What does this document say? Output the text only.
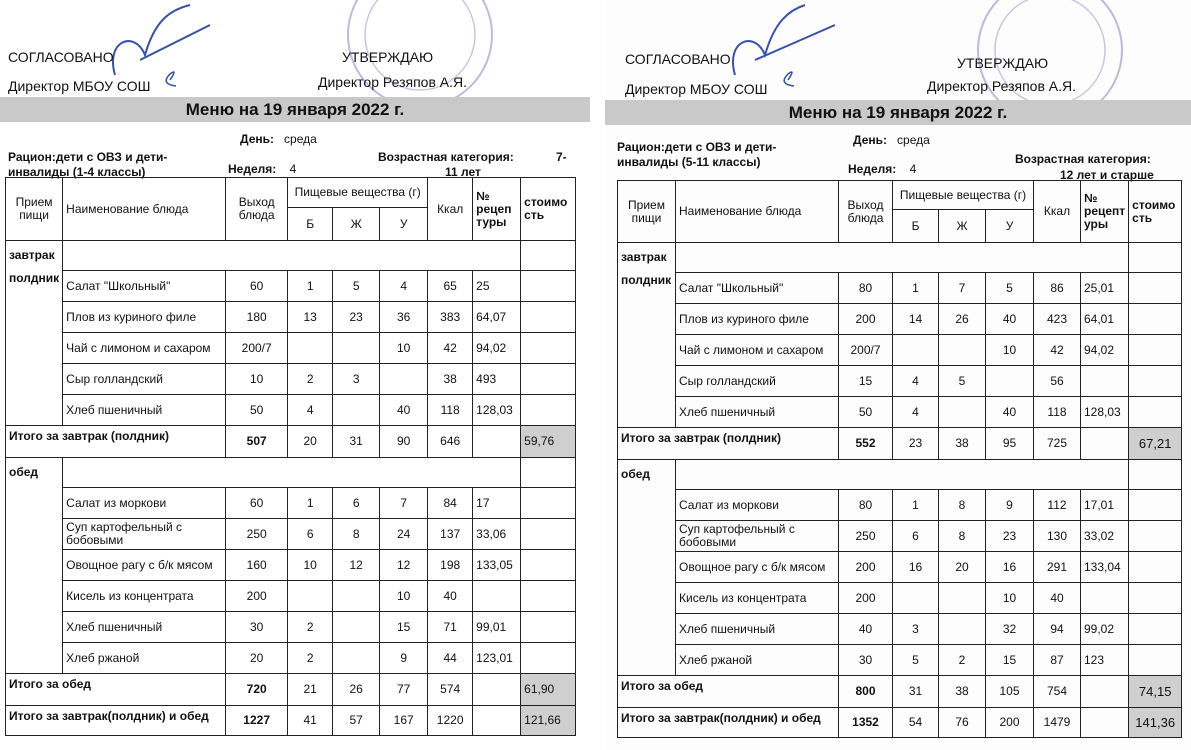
СОГЛАСОВАНО	УТВЕРЖДАЮ
Директор МБОУ СОШ	Директор Резяпов А.Я.
Меню на 19 января 2022 г.
День: среда
Рацион:дети с ОВЗ и дети-
инвалиды (1-4 классы)	Неделя: 4
Возрастная категория:	7-
11 лет
Прием пищи	Наименование блюда	Выход блюда	Пищевые вещества (г)			Ккал	№ рецеп туры	стоимость
			Б	Ж	У			
завтрак
полдник								

	Салат "Школьный"	60	1	5	4	65	25	
	Плов из куриного филе	180	13	23	36	383	64,07	
	Чай с лимоном и сахаром	200/7			10	42	94,02	
	Сыр голландский	10	2	3		38	493	
	Хлеб пшеничный	50	4		40	118	128,03	
Итого за завтрак (полдник)		507	20	31	90	646		59,76
обед								
	Салат из моркови	60	1	6	7	84	17	
	Суп картофельный с бобовыми	250	6	8	24	137	33,06	
	Овощное рагу с б/к мясом	160	10	12	12	198	133,05	
	Кисель из концентрата	200			10	40		
	Хлеб пшеничный	30	2		15	71	99,01	
	Хлеб ржаной	20	2		9	44	123,01	
Итого за обед		720	21	26	77	574		61,90
Итого за завтрак(полдник) и обед		1227	41	57	167	1220		121,66
СОГЛАСОВАНО	УТВЕРЖДАЮ
Директор МБОУ СОШ	Директор Резяпов А.Я.
Меню на 19 января 2022 г.
День: среда
Рацион:дети с ОВЗ и дети-
инвалиды (5-11 классы)	Неделя: 4
Возрастная категория:
12 лет и старше
Прием пищи	Наименование блюда	Выход блюда	Пищевые вещества (г)			Ккал	№ рецепт уры	стоимо сть
			Б	Ж	У			
завтрак
полдник								

	Салат "Школьный"	80	1	7	5	86	25,01	
	Плов из куриного филе	200	14	26	40	423	64,01	
	Чай с лимоном и сахаром	200/7			10	42	94,02	
	Сыр голландский	15	4	5		56		
	Хлеб пшеничный	50	4		40	118	128,03	
Итого за завтрак (полдник)		552	23	38	95	725		67,21
обед								
	Салат из моркови	80	1	8	9	112	17,01	
	Суп картофельный с бобовыми	250	6	8	23	130	33,02	
	Овощное рагу с б/к мясом	200	16	20	16	291	133,04	
	Кисель из концентрата	200			10	40		
	Хлеб пшеничный	40	3		32	94	99,02	
	Хлеб ржаной	30	5	2	15	87	123	
Итого за обед		800	31	38	105	754		74,15
Итого за завтрак(полдник) и обед		1352	54	76	200	1479		141,36
